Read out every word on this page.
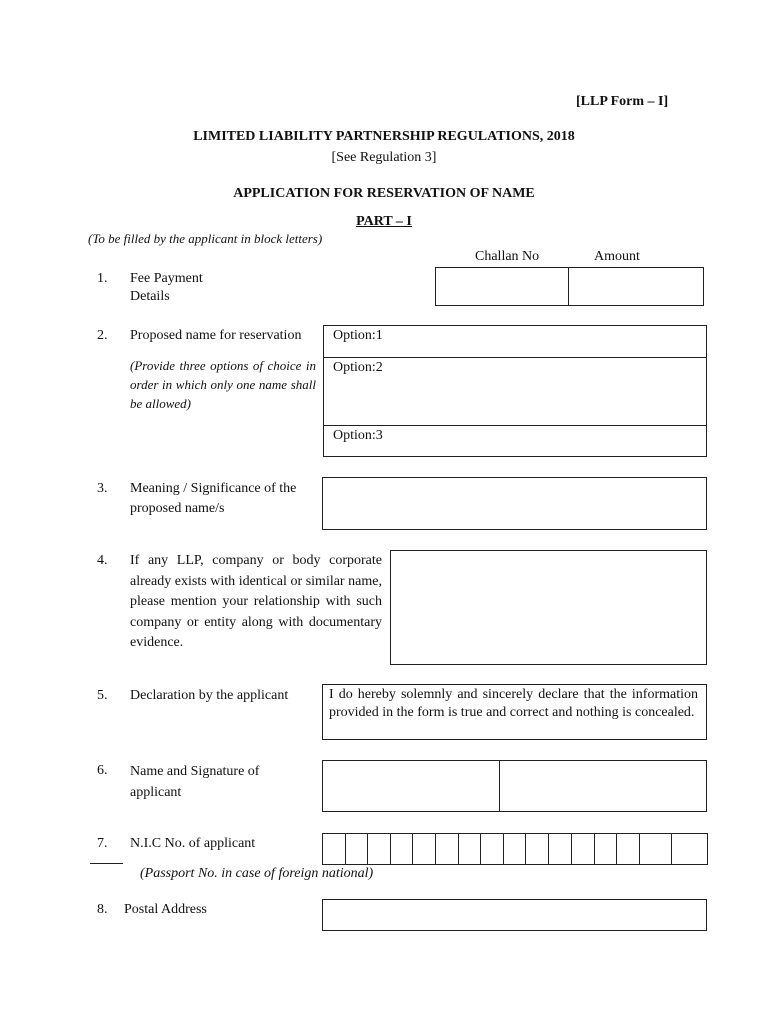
[LLP Form – I]
LIMITED LIABILITY PARTNERSHIP REGULATIONS, 2018
[See Regulation 3]
APPLICATION FOR RESERVATION OF NAME
PART – I
(To be filled by the applicant in block letters)
Challan No	Amount
1. Fee Payment
Details
2. Proposed name for reservation
(Provide three options of choice in order in which only one name shall be allowed)
Option:1
Option:2
Option:3
3. Meaning / Significance of the
proposed name/s
4. If any LLP, company or body corporate already exists with identical or similar name, please mention your relationship with such company or entity along with documentary evidence.
5. Declaration by the applicant	I do hereby solemnly and sincerely declare that the information provided in the form is true and correct and nothing is concealed.
6. Name and Signature of
applicant
7. N.I.C No. of applicant
(Passport No. in case of foreign national)
8. Postal Address
